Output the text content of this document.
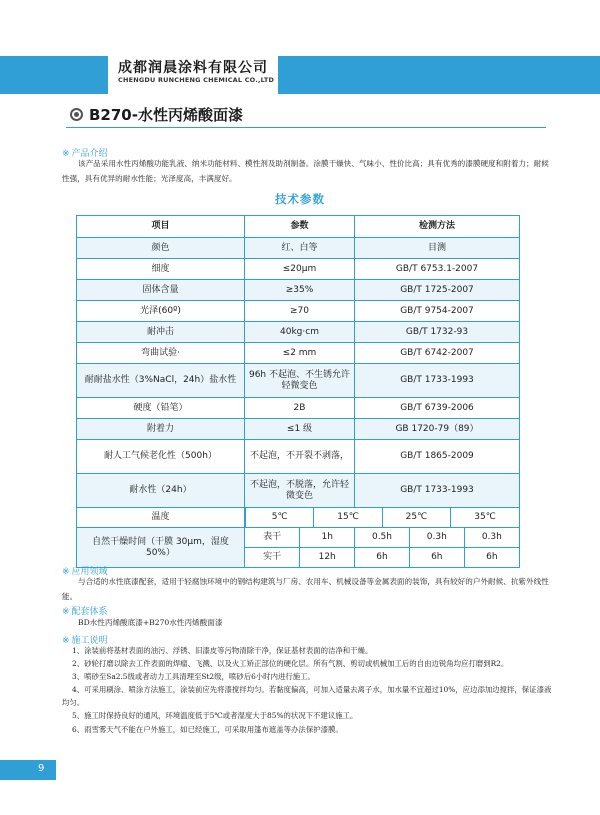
成都润晨涂料有限公司
CHENGDU RUNCHENG CHEMICAL CO.,LTD
B270-水性丙烯酸面漆
※ 产品介绍
该产品采用水性丙烯酸功能乳液、纳米功能材料、模性剂及助剂制备。涂膜干燥快、气味小、性价比高；具有优秀的漆膜硬度和附着力；耐候性强，具有优异的耐水性能；光泽度高，丰满度好。
技术参数
项目	参数	检测方法
颜色	红、白等	目测
细度	≤20μm	GB/T 6753.1-2007
固体含量	≥35%	GB/T 1725-2007
光泽(60º)	≥70	GB/T 9754-2007
耐冲击	40kg·cm	GB/T 1732-93
弯曲试验·	≤2 mm	GB/T 6742-2007
耐耐盐水性（3%NaCl，24h）盐水性	96h 不起泡、不生锈允许轻微变色	GB/T 1733-1993
硬度（铅笔）	2B	GB/T 6739-2006
附着力	≤1 级	GB 1720-79（89）
耐人工气候老化性（500h）	不起泡，不开裂不剥落，	GB/T 1865-2009
耐水性（24h）	不起泡，不脱落，允许轻微变色	GB/T 1733-1993
温度		5℃	15℃	25℃	35℃

自然干燥时间（干膜 30μm，湿度 50%）	
表干	1h	0.5h	0.3h	0.3h

实干	12h	6h	6h	6h
※ 应用领域
与合适的水性底漆配套，适用于轻腐蚀环境中的钢结构建筑与厂房、农用车、机械设备等金属表面的装饰，具有较好的户外耐候、抗紫外线性能。
※ 配套体系
BD水性丙烯酸底漆+B270水性丙烯酸面漆
※ 施工说明
1、涂装前将基材表面的油污、浮锈、旧漆皮等污物清除干净，保证基材表面的洁净和干燥。
2、砂轮打磨以除去工件表面的焊瘤、飞溅、以及火工矫正部位的硬化层。所有气割、剪切或机械加工后的自由边锐角均应打磨到R2。
3、喷砂至Sa2.5级或者动力工具清理至St2级，喷砂后6小时内进行施工。
4、可采用刷涂、喷涂方法施工，涂装前应先将漆搅拌均匀。若黏度偏高，可加入适量去离子水，加水量不宜超过10%，应边添加边搅拌，保证漆液均匀。
5、施工时保持良好的通风，环境温度低于5℃或者湿度大于85%的状况下不建议施工。
6、雨雪雾天气不能在户外施工，如已经施工，可采取用篷布遮盖等办法保护漆膜。
9
